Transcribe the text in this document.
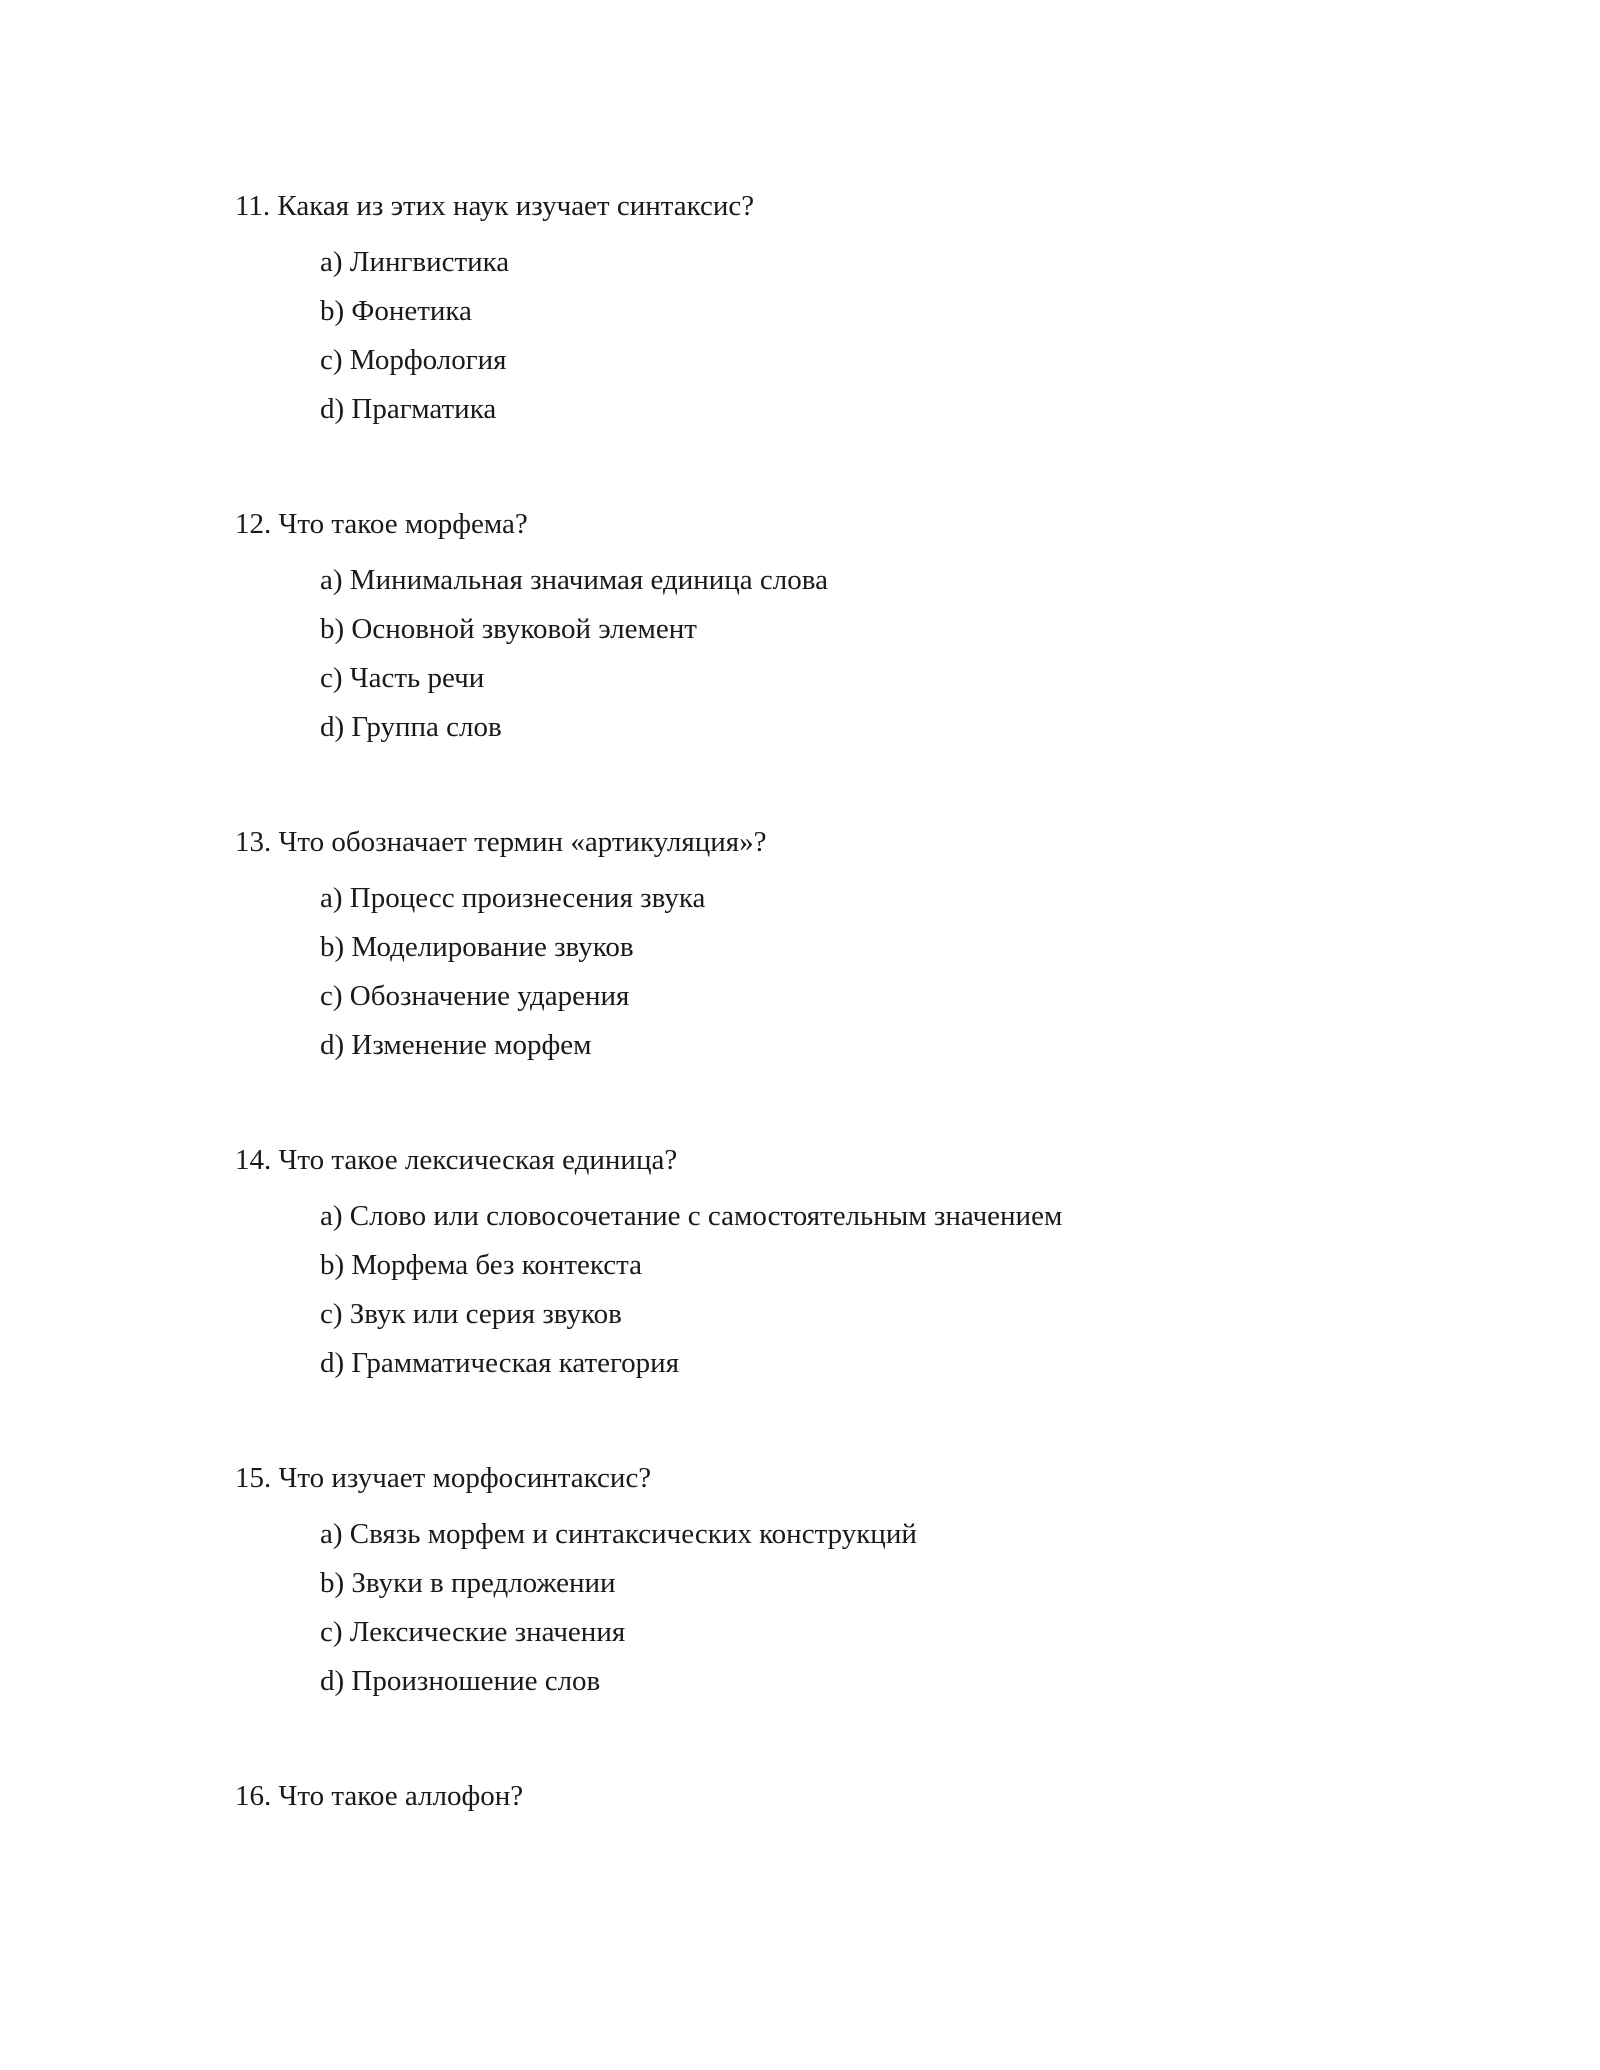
11. Какая из этих наук изучает синтаксис?
a) Лингвистика
b) Фонетика
c) Морфология
d) Прагматика
12. Что такое морфема?
a) Минимальная значимая единица слова
b) Основной звуковой элемент
c) Часть речи
d) Группа слов
13. Что обозначает термин «артикуляция»?
a) Процесс произнесения звука
b) Моделирование звуков
c) Обозначение ударения
d) Изменение морфем
14. Что такое лексическая единица?
a) Слово или словосочетание с самостоятельным значением
b) Морфема без контекста
c) Звук или серия звуков
d) Грамматическая категория
15. Что изучает морфосинтаксис?
a) Связь морфем и синтаксических конструкций
b) Звуки в предложении
c) Лексические значения
d) Произношение слов
16. Что такое аллофон?
